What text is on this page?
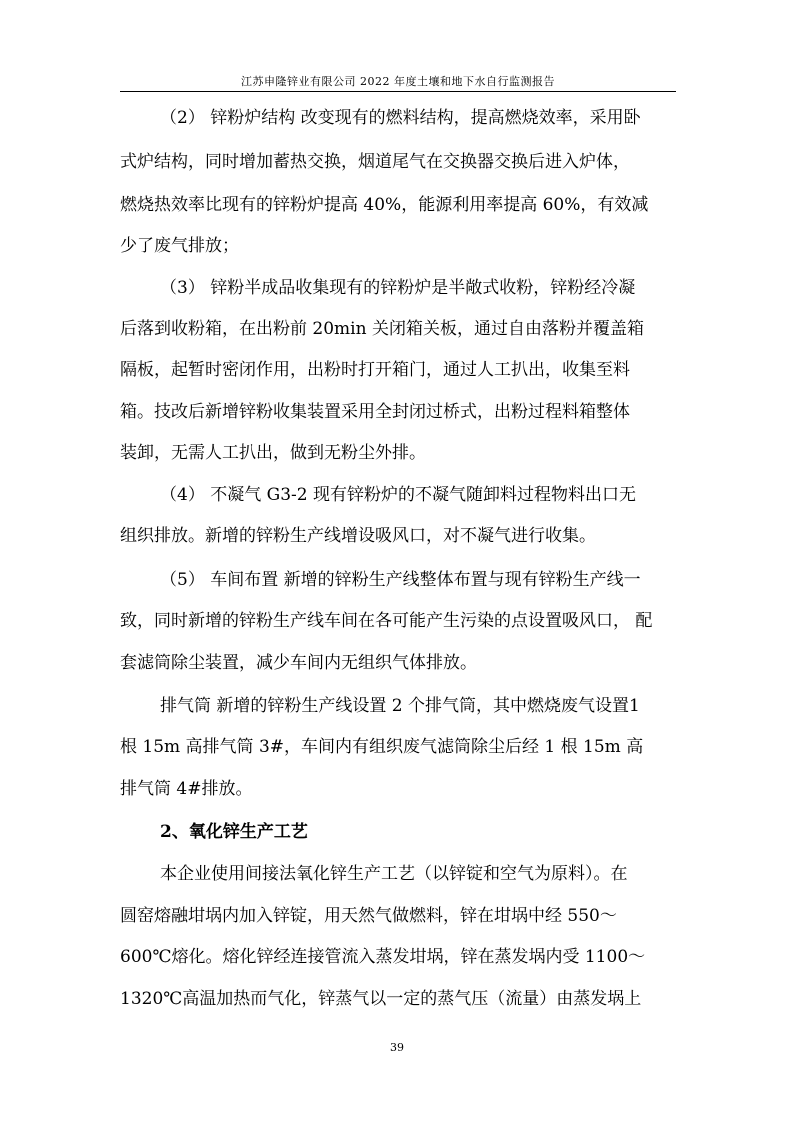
江苏申隆锌业有限公司 2022 年度土壤和地下水自行监测报告
（2） 锌粉炉结构 改变现有的燃料结构，提高燃烧效率，采用卧
式炉结构，同时增加蓄热交换，烟道尾气在交换器交换后进入炉体，
燃烧热效率比现有的锌粉炉提高 40%，能源利用率提高 60%，有效减
少了废气排放；
（3） 锌粉半成品收集现有的锌粉炉是半敞式收粉，锌粉经冷凝
后落到收粉箱，在出粉前 20min 关闭箱关板，通过自由落粉并覆盖箱
隔板，起暂时密闭作用，出粉时打开箱门，通过人工扒出，收集至料
箱。技改后新增锌粉收集装置采用全封闭过桥式，出粉过程料箱整体
装卸，无需人工扒出，做到无粉尘外排。
（4） 不凝气 G3-2 现有锌粉炉的不凝气随卸料过程物料出口无
组织排放。新增的锌粉生产线增设吸风口，对不凝气进行收集。
（5） 车间布置 新增的锌粉生产线整体布置与现有锌粉生产线一
致，同时新增的锌粉生产线车间在各可能产生污染的点设置吸风口， 配
套滤筒除尘装置，减少车间内无组织气体排放。
排气筒 新增的锌粉生产线设置 2 个排气筒，其中燃烧废气设置1
根 15m 高排气筒 3#，车间内有组织废气滤筒除尘后经 1 根 15m 高
排气筒 4#排放。
2、氧化锌生产工艺
本企业使用间接法氧化锌生产工艺（以锌锭和空气为原料）。在
圆窑熔融坩埚内加入锌锭，用天然气做燃料，锌在坩埚中经 550～
600℃熔化。熔化锌经连接管流入蒸发坩埚，锌在蒸发埚内受 1100～
1320℃高温加热而气化，锌蒸气以一定的蒸气压（流量）由蒸发埚上
39
